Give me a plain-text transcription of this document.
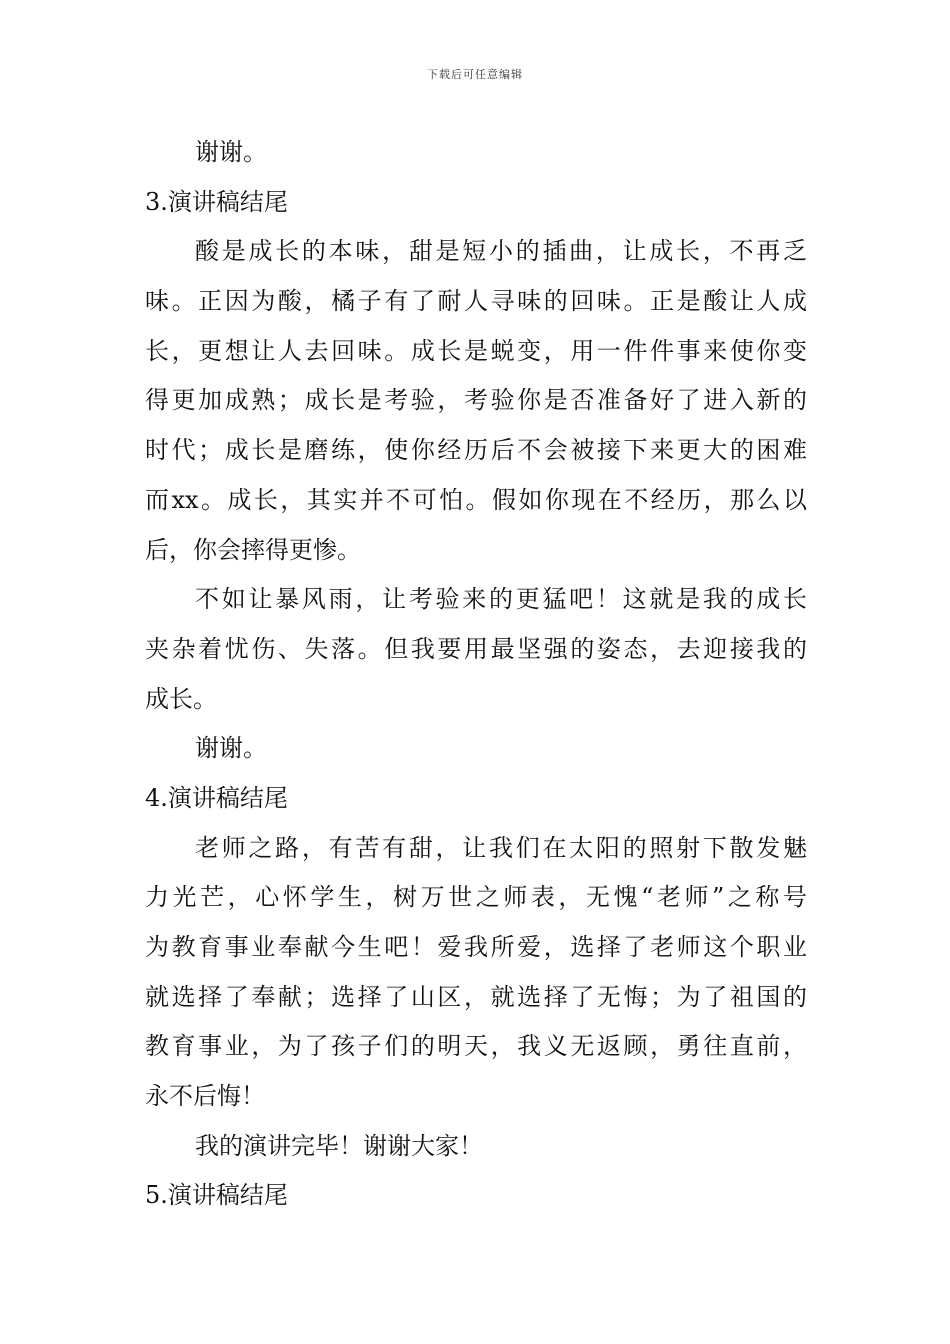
下载后可任意编辑
谢谢。
3.演讲稿结尾
酸是成长的本味，甜是短小的插曲，让成长，不再乏
味。正因为酸，橘子有了耐人寻味的回味。正是酸让人成
长，更想让人去回味。成长是蜕变，用一件件事来使你变
得更加成熟；成长是考验，考验你是否准备好了进入新的
时代；成长是磨练，使你经历后不会被接下来更大的困难
而xx。成长，其实并不可怕。假如你现在不经历，那么以
后，你会摔得更惨。
不如让暴风雨，让考验来的更猛吧！这就是我的成长
夹杂着忧伤、失落。但我要用最坚强的姿态，去迎接我的
成长。
谢谢。
4.演讲稿结尾
老师之路，有苦有甜，让我们在太阳的照射下散发魅
力光芒，心怀学生，树万世之师表，无愧“老师”之称号
为教育事业奉献今生吧！爱我所爱，选择了老师这个职业
就选择了奉献；选择了山区，就选择了无悔；为了祖国的
教育事业，为了孩子们的明天，我义无返顾，勇往直前，
永不后悔！
我的演讲完毕！谢谢大家！
5.演讲稿结尾
